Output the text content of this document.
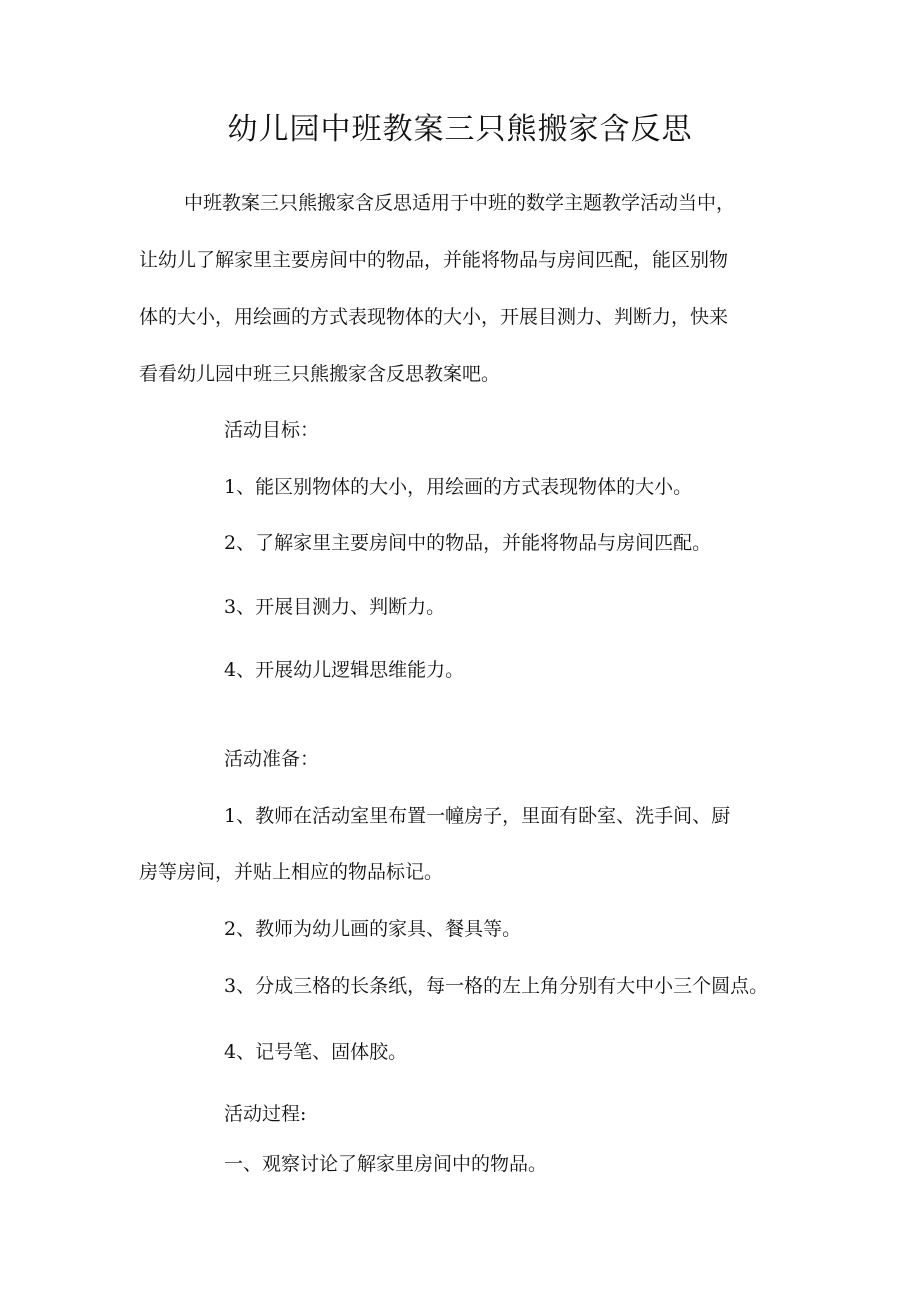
幼儿园中班教案三只熊搬家含反思
中班教案三只熊搬家含反思适用于中班的数学主题教学活动当中，
让幼儿了解家里主要房间中的物品，并能将物品与房间匹配，能区别物
体的大小，用绘画的方式表现物体的大小，开展目测力、判断力，快来
看看幼儿园中班三只熊搬家含反思教案吧。
活动目标：
1、能区别物体的大小，用绘画的方式表现物体的大小。
2、了解家里主要房间中的物品，并能将物品与房间匹配。
3、开展目测力、判断力。
4、开展幼儿逻辑思维能力。
活动准备：
1、教师在活动室里布置一幢房子，里面有卧室、洗手间、厨
房等房间，并贴上相应的物品标记。
2、教师为幼儿画的家具、餐具等。
3、分成三格的长条纸，每一格的左上角分别有大中小三个圆点。
4、记号笔、固体胶。
活动过程:
一、观察讨论了解家里房间中的物品。
